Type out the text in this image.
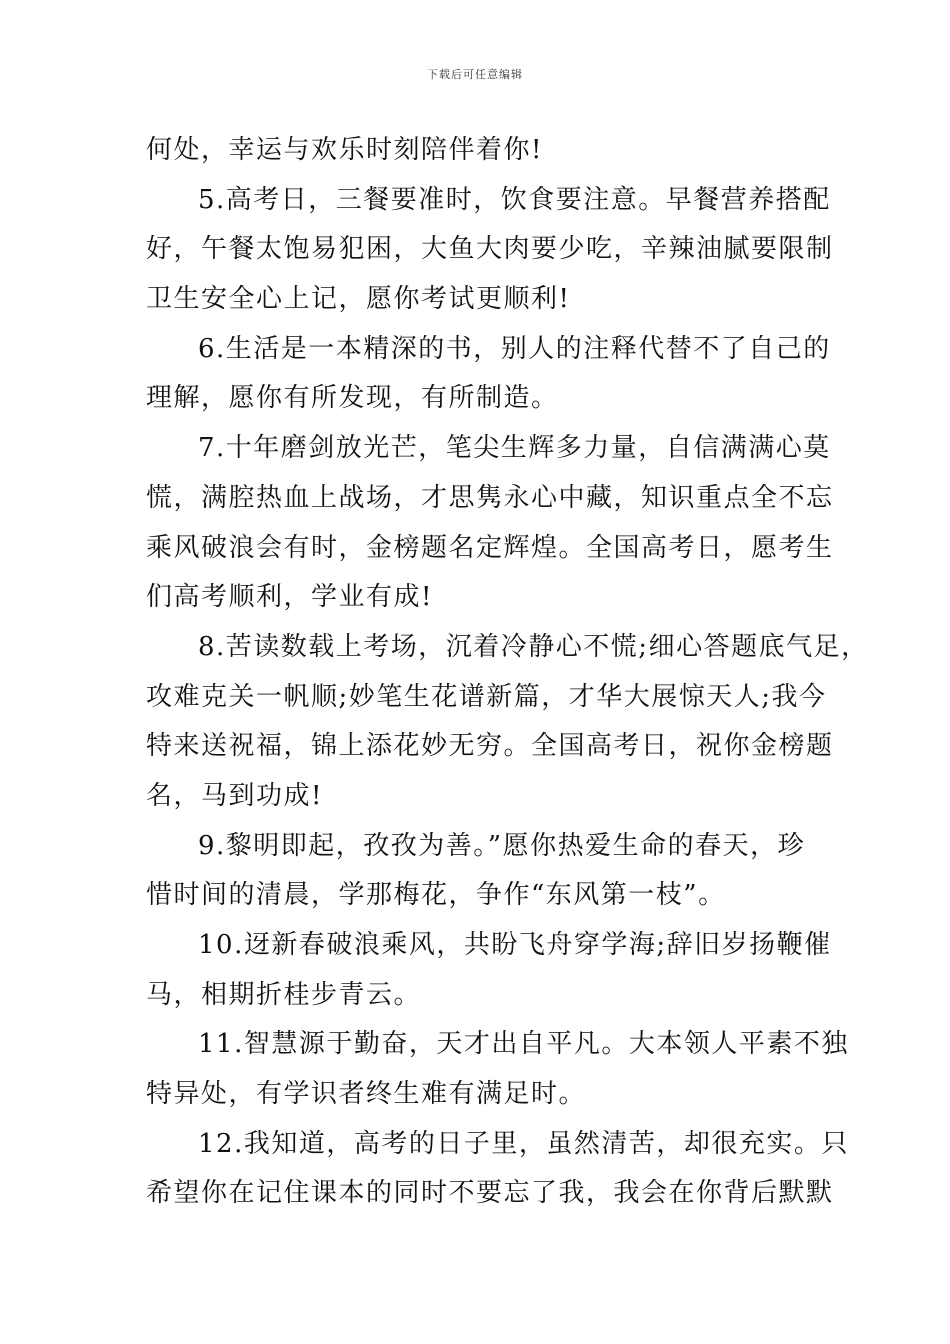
下载后可任意编辑
何处，幸运与欢乐时刻陪伴着你!
5.高考日，三餐要准时，饮食要注意。早餐营养搭配
好，午餐太饱易犯困，大鱼大肉要少吃，辛辣油腻要限制
卫生安全心上记，愿你考试更顺利!
6.生活是一本精深的书，别人的注释代替不了自己的
理解，愿你有所发现，有所制造。
7.十年磨剑放光芒，笔尖生辉多力量，自信满满心莫
慌，满腔热血上战场，才思隽永心中藏，知识重点全不忘
乘风破浪会有时，金榜题名定辉煌。全国高考日，愿考生
们高考顺利，学业有成!
8.苦读数载上考场，沉着冷静心不慌;细心答题底气足，
攻难克关一帆顺;妙笔生花谱新篇，才华大展惊天人;我今
特来送祝福，锦上添花妙无穷。全国高考日，祝你金榜题
名，马到功成!
9.黎明即起，孜孜为善。”愿你热爱生命的春天，珍
惜时间的清晨，学那梅花，争作“东风第一枝”。
10.迓新春破浪乘风，共盼飞舟穿学海;辞旧岁扬鞭催
马，相期折桂步青云。
11.智慧源于勤奋，天才出自平凡。大本领人平素不独
特异处，有学识者终生难有满足时。
12.我知道，高考的日子里，虽然清苦，却很充实。只
希望你在记住课本的同时不要忘了我，我会在你背后默默
